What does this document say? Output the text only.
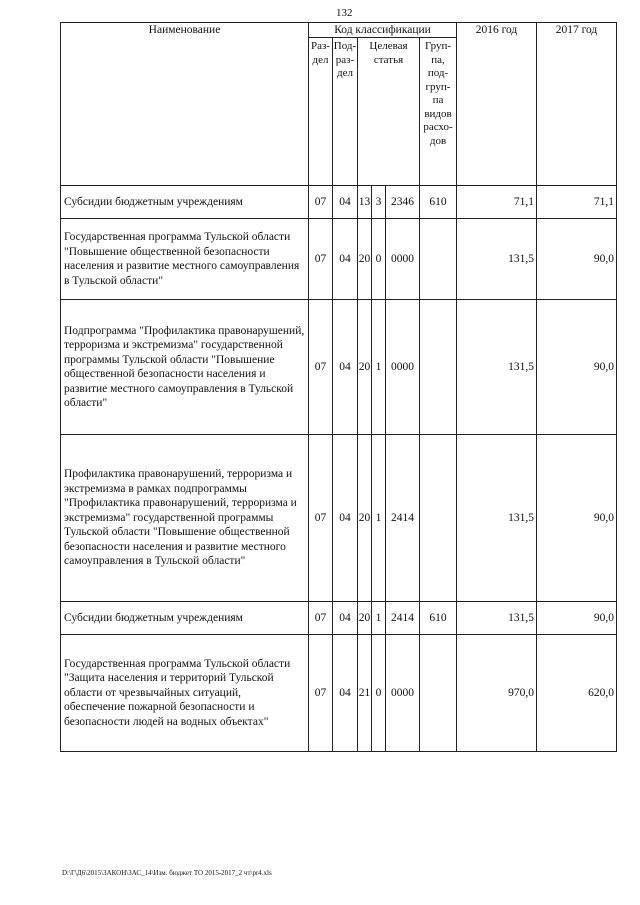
132
Наименование	Код классификации						2016 год	2017 год
	Раз- дел	Под- раз- дел	Целевая статья			Груп- па, под- груп- па видов расхо- дов		
Субсидии бюджетным учреждениям	07	04	13	3	2346	610	71,1	71,1
Государственная программа Тульской области "Повышение общественной безопасности населения и развитие местного самоуправления в Тульской области"	07	04	20	0	0000		131,5	90,0
Подпрограмма "Профилактика правонарушений, терроризма и экстремизма" государственной программы Тульской области "Повышение общественной безопасности населения и развитие местного самоуправления в Тульской области"	07	04	20	1	0000		131,5	90,0
Профилактика правонарушений, терроризма и экстремизма в рамках подпрограммы "Профилактика правонарушений, терроризма и экстремизма" государственной программы Тульской области "Повышение общественной безопасности населения и развитие местного самоуправления в Тульской области"	07	04	20	1	2414		131,5	90,0
Субсидии бюджетным учреждениям	07	04	20	1	2414	610	131,5	90,0
Государственная программа Тульской области "Защита населения и территорий Тульской области от чрезвычайных ситуаций, обеспечение пожарной безопасности и безопасности людей на водных объектах"	07	04	21	0	0000		970,0	620,0
D:\Г\Д6\2015\ЗАКОН\ЗАС_14\Изм. бюджет ТО 2015-2017_2 чт\pr4.xls
